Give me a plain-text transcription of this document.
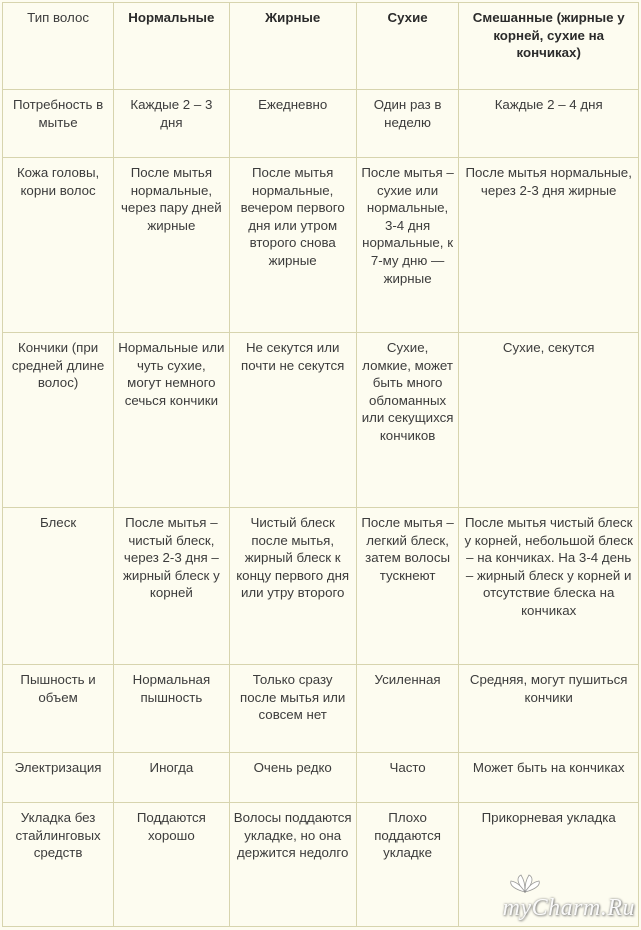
Тип волос	Нормальные	Жирные	Сухие	Смешанные (жирные у корней, сухие на кончиках)
Потребность в мытье	Каждые 2 – 3 дня	Ежедневно	Один раз в неделю	Каждые 2 – 4 дня
Кожа головы, корни волос	После мытья нормальные, через пару дней жирные	После мытья нормальные, вечером первого дня или утром второго снова жирные	После мытья – сухие или нормальные, 3-4 дня нормальные, к 7-му дню — жирные	После мытья нормальные, через 2-3 дня жирные
Кончики (при средней длине волос)	Нормальные или чуть сухие, могут немного сечься кончики	Не секутся или почти не секутся	Сухие, ломкие, может быть много обломанных или секущихся кончиков	Сухие, секутся
Блеск	После мытья – чистый блеск, через 2-3 дня – жирный блеск у корней	Чистый блеск после мытья, жирный блеск к концу первого дня или утру второго	После мытья – легкий блеск, затем волосы тускнеют	После мытья чистый блеск у корней, небольшой блеск – на кончиках. На 3-4 день – жирный блеск у корней и отсутствие блеска на кончиках
Пышность и объем	Нормальная пышность	Только сразу после мытья или совсем нет	Усиленная	Средняя, могут пушиться кончики
Электризация	Иногда	Очень редко	Часто	Может быть на кончиках
Укладка без стайлинговых средств	Поддаются хорошо	Волосы поддаются укладке, но она держится недолго	Плохо поддаются укладке	Прикорневая укладка
myCharm.Ru
